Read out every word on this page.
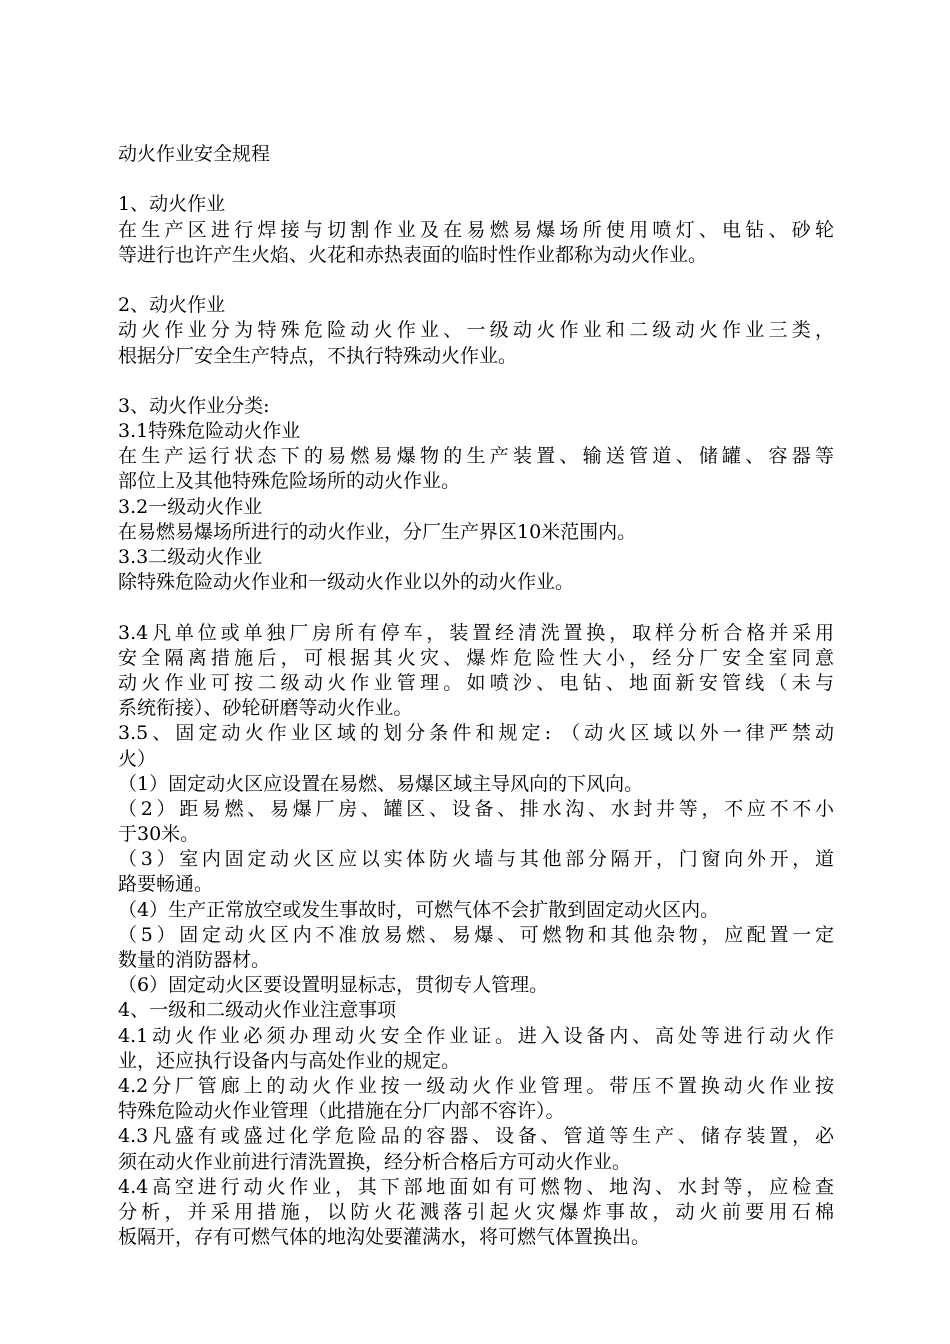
动火作业安全规程
1、动火作业
在生产区进行焊接与切割作业及在易燃易爆场所使用喷灯、电钻、砂轮
等进行也许产生火焰、火花和赤热表面的临时性作业都称为动火作业。
2、动火作业
动火作业分为特殊危险动火作业、一级动火作业和二级动火作业三类，
根据分厂安全生产特点，不执行特殊动火作业。
3、动火作业分类:
3.1特殊危险动火作业
在生产运行状态下的易燃易爆物的生产装置、输送管道、储罐、容器等
部位上及其他特殊危险场所的动火作业。
3.2一级动火作业
在易燃易爆场所进行的动火作业，分厂生产界区10米范围内。
3.3二级动火作业
除特殊危险动火作业和一级动火作业以外的动火作业。
3.4凡单位或单独厂房所有停车，装置经清洗置换，取样分析合格并采用
安全隔离措施后，可根据其火灾、爆炸危险性大小，经分厂安全室同意
动火作业可按二级动火作业管理。如喷沙、电钻、地面新安管线（未与
系统衔接）、砂轮研磨等动火作业。
3.5、固定动火作业区域的划分条件和规定: （动火区域以外一律严禁动
火）
（1）固定动火区应设置在易燃、易爆区域主导风向的下风向。
（2）距易燃、易爆厂房、罐区、设备、排水沟、水封井等，不应不不小
于30米。
（3）室内固定动火区应以实体防火墙与其他部分隔开，门窗向外开，道
路要畅通。
（4）生产正常放空或发生事故时，可燃气体不会扩散到固定动火区内。
（5）固定动火区内不准放易燃、易爆、可燃物和其他杂物，应配置一定
数量的消防器材。
（6）固定动火区要设置明显标志，贯彻专人管理。
4、一级和二级动火作业注意事项
4.1动火作业必须办理动火安全作业证。进入设备内、高处等进行动火作
业，还应执行设备内与高处作业的规定。
4.2分厂管廊上的动火作业按一级动火作业管理。带压不置换动火作业按
特殊危险动火作业管理（此措施在分厂内部不容许）。
4.3凡盛有或盛过化学危险品的容器、设备、管道等生产、储存装置，必
须在动火作业前进行清洗置换，经分析合格后方可动火作业。
4.4高空进行动火作业，其下部地面如有可燃物、地沟、水封等，应检查
分析，并采用措施，以防火花溅落引起火灾爆炸事故，动火前要用石棉
板隔开，存有可燃气体的地沟处要灌满水，将可燃气体置换出。
